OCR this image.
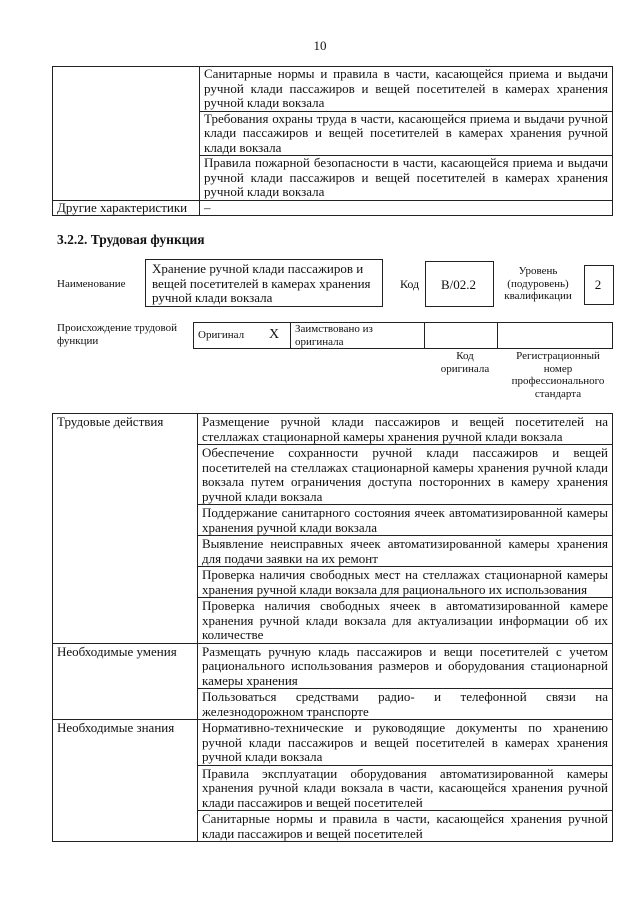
10
	Санитарные нормы и правила в части, касающейся приема и выдачи ручной клади пассажиров и вещей посетителей в камерах хранения ручной клади вокзала
	Требования охраны труда в части, касающейся приема и выдачи ручной клади пассажиров и вещей посетителей в камерах хранения ручной клади вокзала
	Правила пожарной безопасности в части, касающейся приема и выдачи ручной клади пассажиров и вещей посетителей в камерах хранения ручной клади вокзала
Другие характеристики	–
3.2.2. Трудовая функция
Наименование
Хранение ручной клади пассажиров и вещей посетителей в камерах хранения ручной клади вокзала
Код	В/02.2
Уровень (подуровень) квалификации
2
Происхождение трудовой функции	Оригинал	X	Заимствовано из оригинала		
Код оригинала
Регистрационный номер профессионального стандарта
Трудовые действия	Размещение ручной клади пассажиров и вещей посетителей на стеллажах стационарной камеры хранения ручной клади вокзала
	Обеспечение сохранности ручной клади пассажиров и вещей посетителей на стеллажах стационарной камеры хранения ручной клади вокзала путем ограничения доступа посторонних в камеру хранения ручной клади вокзала
	Поддержание санитарного состояния ячеек автоматизированной камеры хранения ручной клади вокзала
	Выявление неисправных ячеек автоматизированной камеры хранения для подачи заявки на их ремонт
	Проверка наличия свободных мест на стеллажах стационарной камеры хранения ручной клади вокзала для рационального их использования
	Проверка наличия свободных ячеек в автоматизированной камере хранения ручной клади вокзала для актуализации информации об их количестве
Необходимые умения	Размещать ручную кладь пассажиров и вещи посетителей с учетом рационального использования размеров и оборудования стационарной камеры хранения
	Пользоваться средствами радио- и телефонной связи на железнодорожном транспорте
Необходимые знания	Нормативно-технические и руководящие документы по хранению ручной клади пассажиров и вещей посетителей в камерах хранения ручной клади вокзала
	Правила эксплуатации оборудования автоматизированной камеры хранения ручной клади вокзала в части, касающейся хранения ручной клади пассажиров и вещей посетителей
	Санитарные нормы и правила в части, касающейся хранения ручной клади пассажиров и вещей посетителей
